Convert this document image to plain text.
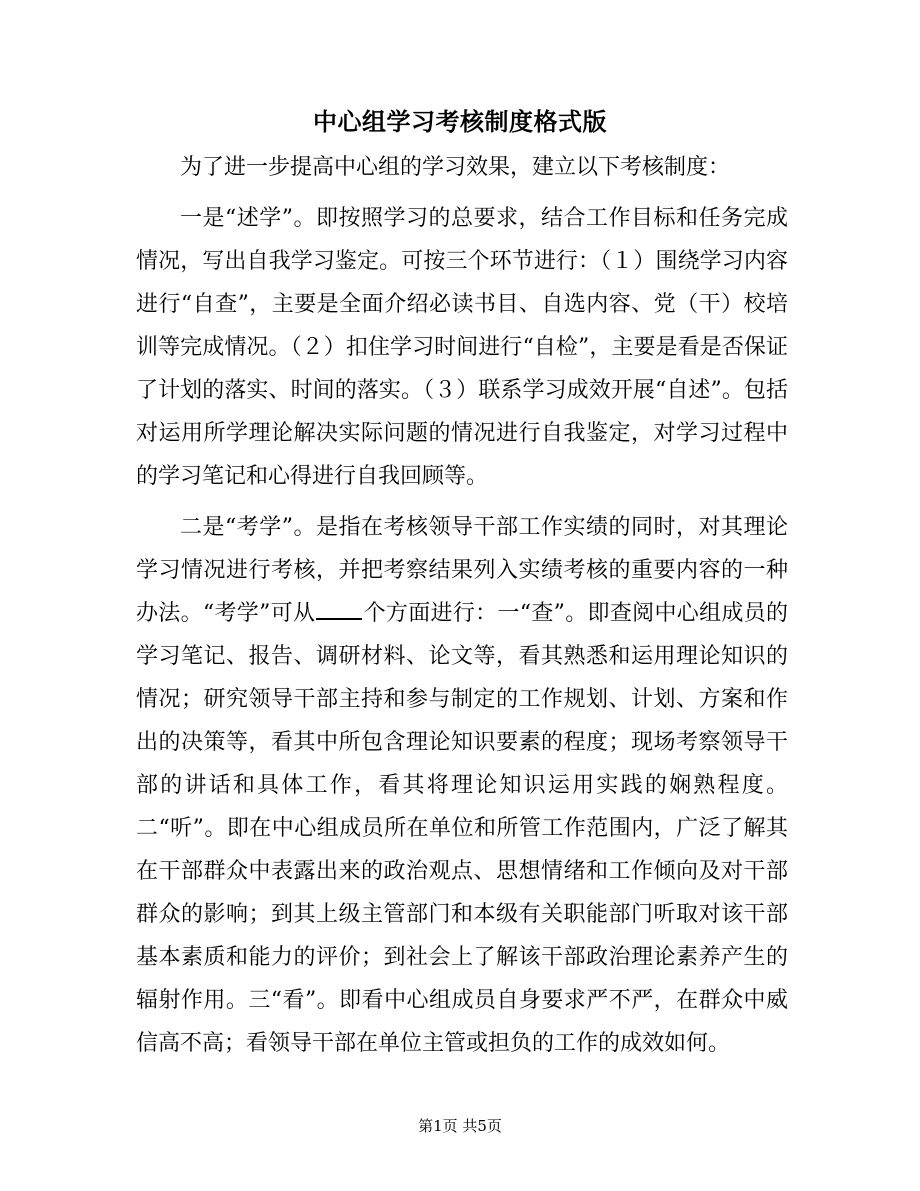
中心组学习考核制度格式版

为了进一步提高中心组的学习效果，建立以下考核制度：

一是“述学”。即按照学习的总要求，结合工作目标和任务完成情况，写出自我学习鉴定。可按三个环节进行：（１）围绕学习内容进行“自查”，主要是全面介绍必读书目、自选内容、党（干）校培训等完成情况。（２）扣住学习时间进行“自检”，主要是看是否保证了计划的落实、时间的落实。（３）联系学习成效开展“自述”。包括对运用所学理论解决实际问题的情况进行自我鉴定，对学习过程中的学习笔记和心得进行自我回顾等。

二是“考学”。是指在考核领导干部工作实绩的同时，对其理论学习情况进行考核，并把考察结果列入实绩考核的重要内容的一种办法。“考学”可从 个方面进行：一“查”。即查阅中心组成员的学习笔记、报告、调研材料、论文等，看其熟悉和运用理论知识的情况；研究领导干部主持和参与制定的工作规划、计划、方案和作出的决策等，看其中所包含理论知识要素的程度；现场考察领导干部的讲话和具体工作，看其将理论知识运用实践的娴熟程度。二“听”。即在中心组成员所在单位和所管工作范围内，广泛了解其在干部群众中表露出来的政治观点、思想情绪和工作倾向及对干部群众的影响；到其上级主管部门和本级有关职能部门听取对该干部基本素质和能力的评价；到社会上了解该干部政治理论素养产生的辐射作用。三“看”。即看中心组成员自身要求严不严，在群众中威信高不高；看领导干部在单位主管或担负的工作的成效如何。

第1页 共5页
